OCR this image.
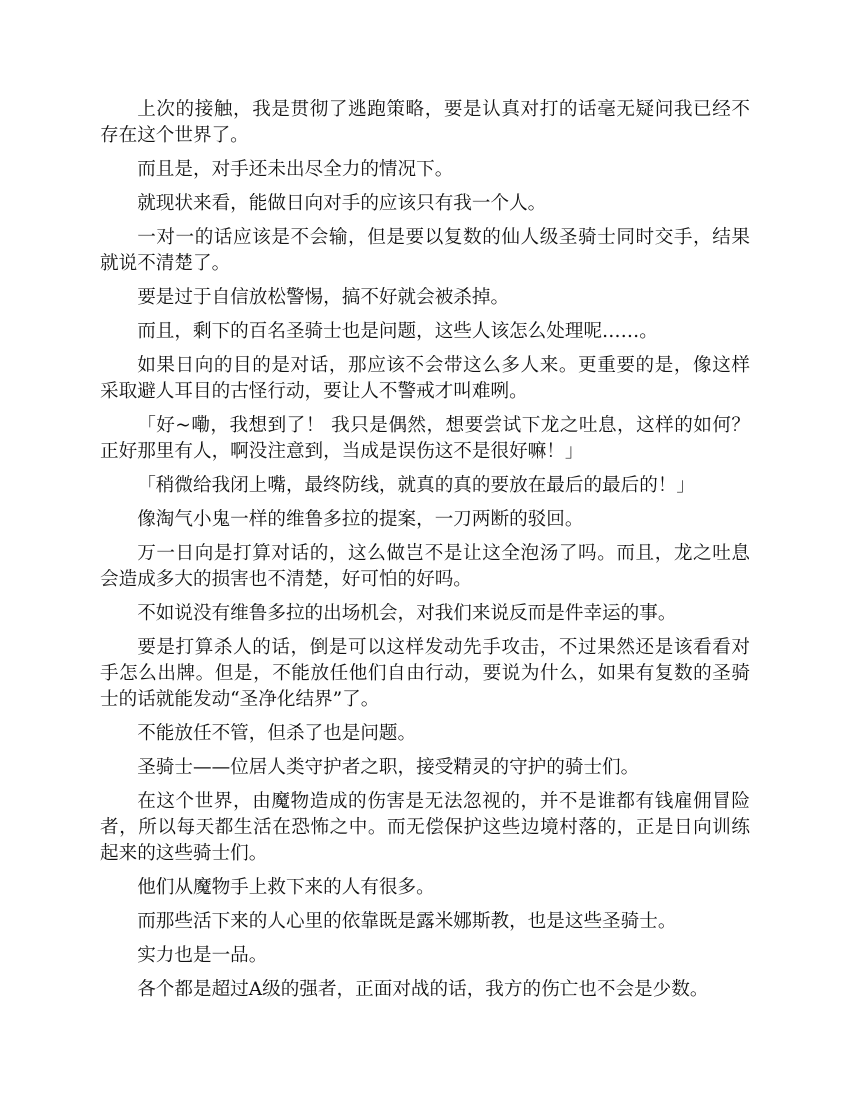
上次的接触，我是贯彻了逃跑策略，要是认真对打的话毫无疑问我已经不存在这个世界了。

而且是，对手还未出尽全力的情况下。

就现状来看，能做日向对手的应该只有我一个人。

一对一的话应该是不会输，但是要以复数的仙人级圣骑士同时交手，结果就说不清楚了。

要是过于自信放松警惕，搞不好就会被杀掉。

而且，剩下的百名圣骑士也是问题，这些人该怎么处理呢……。

如果日向的目的是对话，那应该不会带这么多人来。更重要的是，像这样采取避人耳目的古怪行动，要让人不警戒才叫难咧。

「好~嘞，我想到了！ 我只是偶然，想要尝试下龙之吐息，这样的如何？ 正好那里有人，啊没注意到，当成是误伤这不是很好嘛！」

「稍微给我闭上嘴，最终防线，就真的真的要放在最后的最后的！」

像淘气小鬼一样的维鲁多拉的提案，一刀两断的驳回。

万一日向是打算对话的，这么做岂不是让这全泡汤了吗。而且，龙之吐息会造成多大的损害也不清楚，好可怕的好吗。

不如说没有维鲁多拉的出场机会，对我们来说反而是件幸运的事。

要是打算杀人的话，倒是可以这样发动先手攻击，不过果然还是该看看对手怎么出牌。但是，不能放任他们自由行动，要说为什么，如果有复数的圣骑士的话就能发动“圣净化结界”了。

不能放任不管，但杀了也是问题。

圣骑士——位居人类守护者之职，接受精灵的守护的骑士们。

在这个世界，由魔物造成的伤害是无法忽视的，并不是谁都有钱雇佣冒险者，所以每天都生活在恐怖之中。而无偿保护这些边境村落的，正是日向训练起来的这些骑士们。

他们从魔物手上救下来的人有很多。

而那些活下来的人心里的依靠既是露米娜斯教，也是这些圣骑士。

实力也是一品。

各个都是超过A级的强者，正面对战的话，我方的伤亡也不会是少数。
